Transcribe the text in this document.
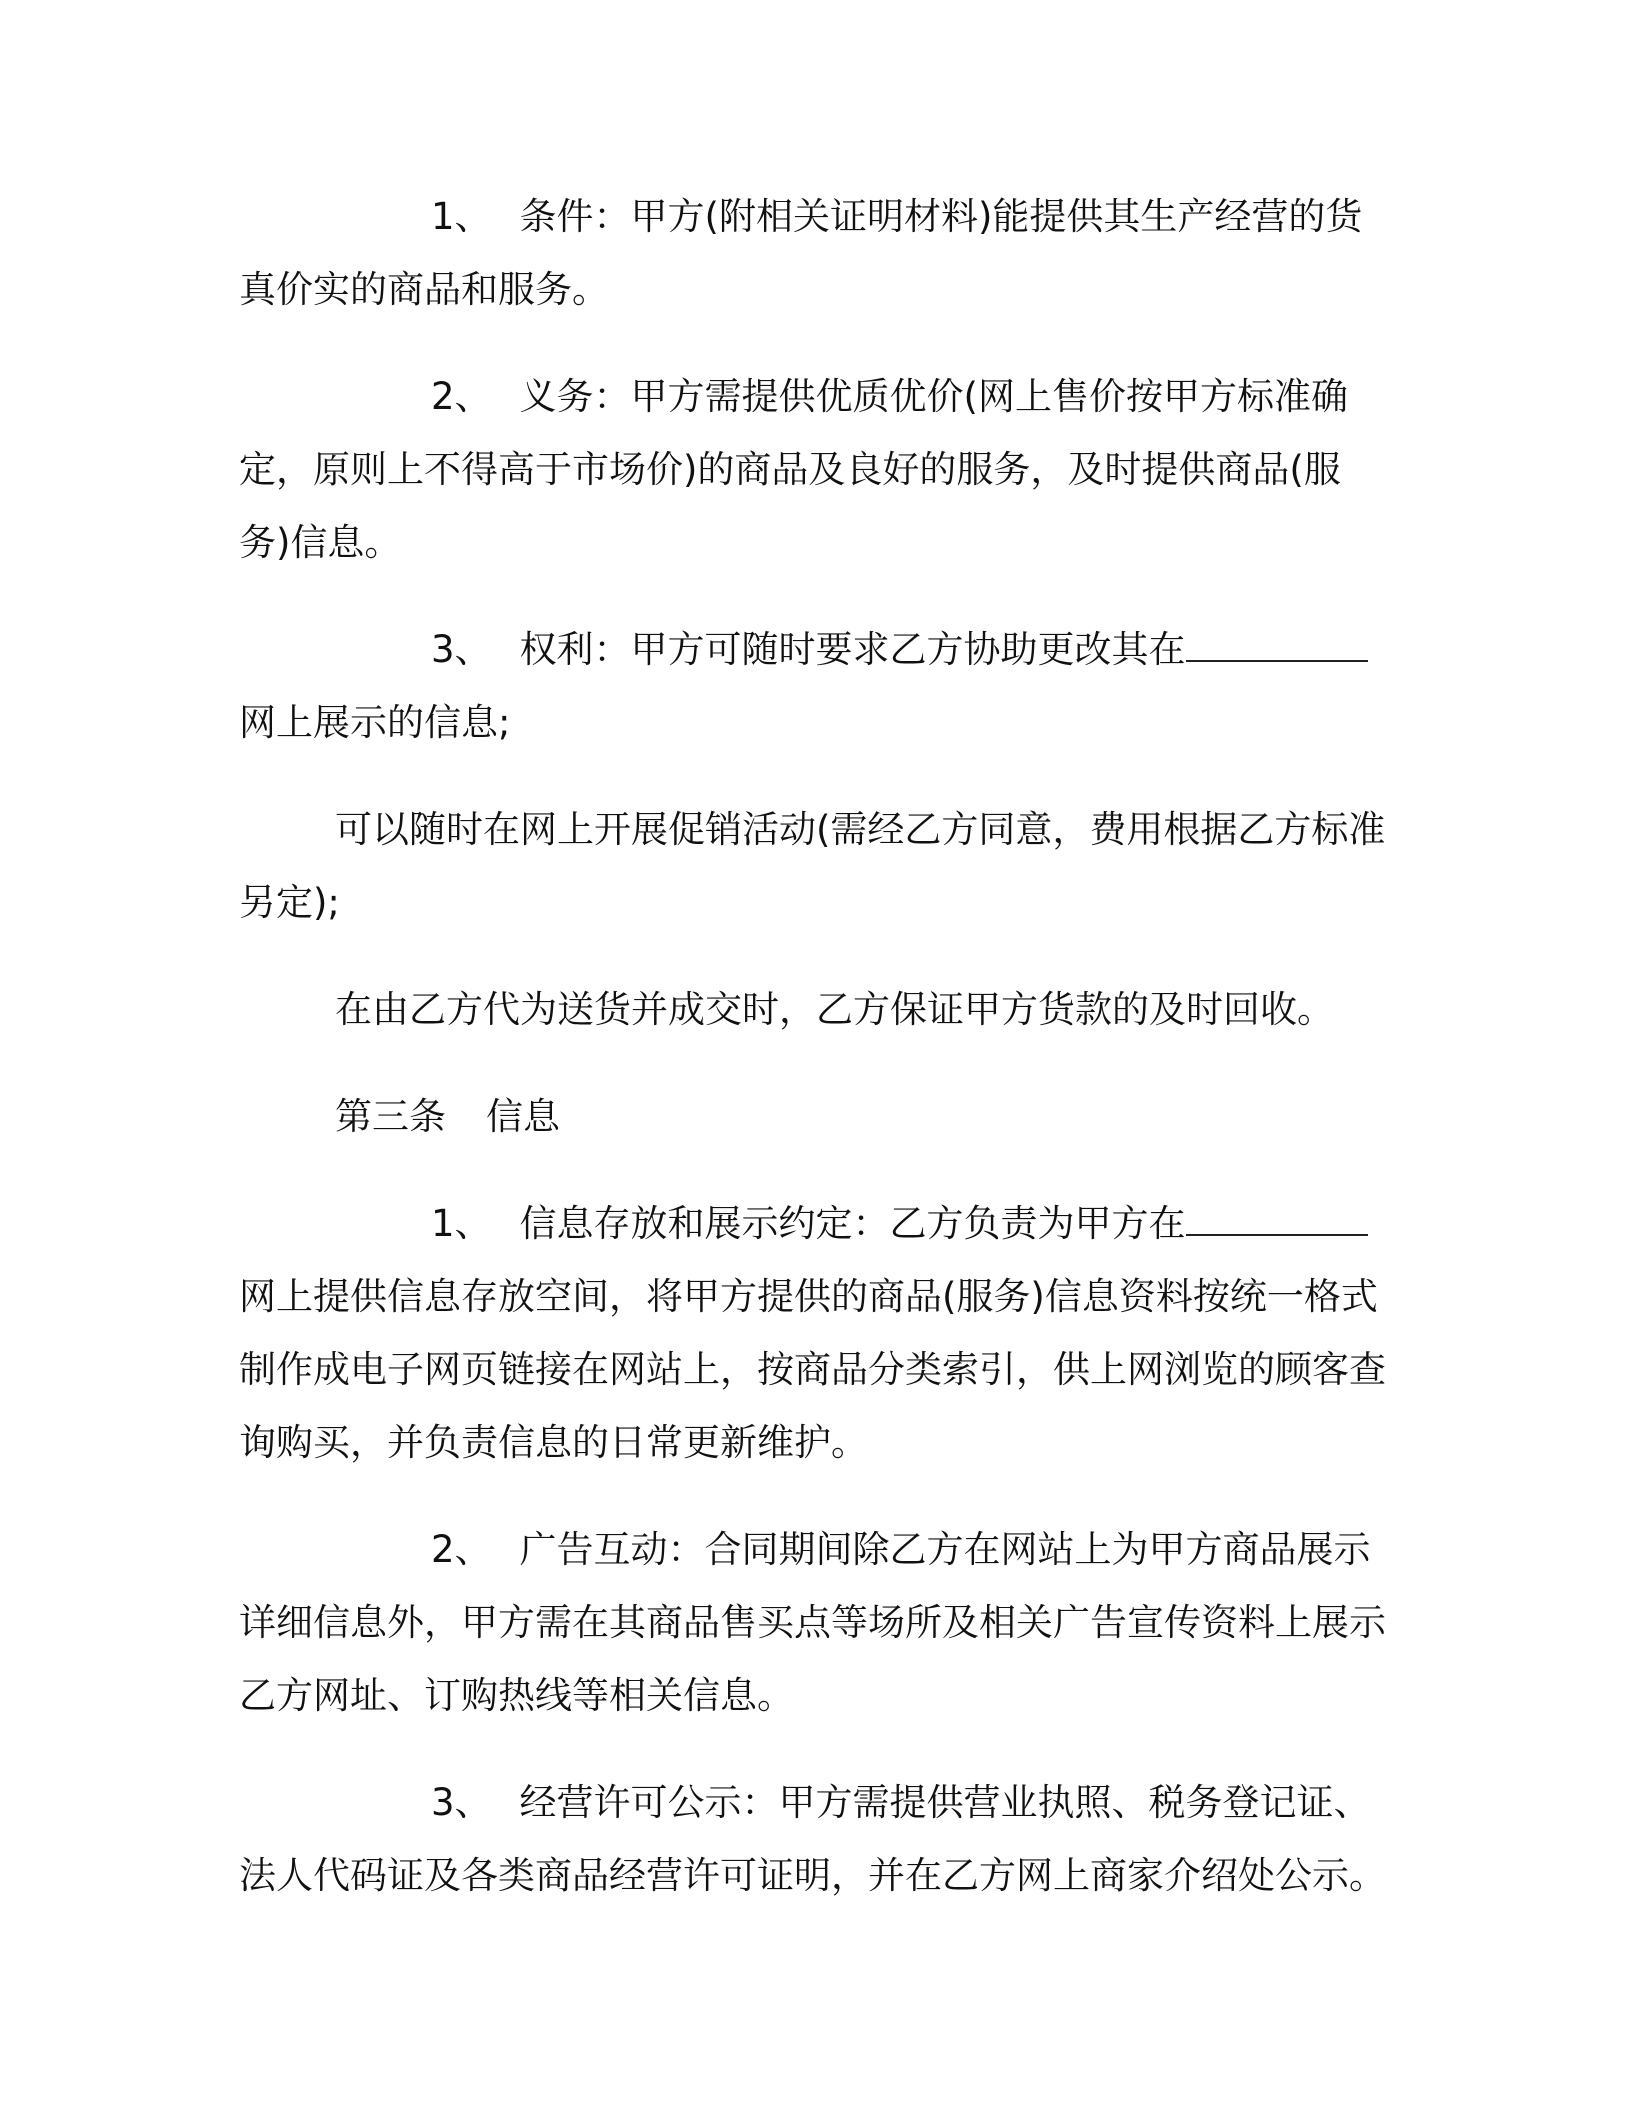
1、 条件：甲方(附相关证明材料)能提供其生产经营的货真价实的商品和服务。

2、 义务：甲方需提供优质优价(网上售价按甲方标准确定，原则上不得高于市场价)的商品及良好的服务，及时提供商品(服务)信息。

3、 权利：甲方可随时要求乙方协助更改其在网上展示的信息;

可以随时在网上开展促销活动(需经乙方同意，费用根据乙方标准另定);

在由乙方代为送货并成交时，乙方保证甲方货款的及时回收。

第三条 信息

1、 信息存放和展示约定：乙方负责为甲方在网上提供信息存放空间，将甲方提供的商品(服务)信息资料按统一格式制作成电子网页链接在网站上，按商品分类索引，供上网浏览的顾客查询购买，并负责信息的日常更新维护。

2、 广告互动：合同期间除乙方在网站上为甲方商品展示详细信息外，甲方需在其商品售买点等场所及相关广告宣传资料上展示乙方网址、订购热线等相关信息。

3、 经营许可公示：甲方需提供营业执照、税务登记证、法人代码证及各类商品经营许可证明，并在乙方网上商家介绍处公示。
